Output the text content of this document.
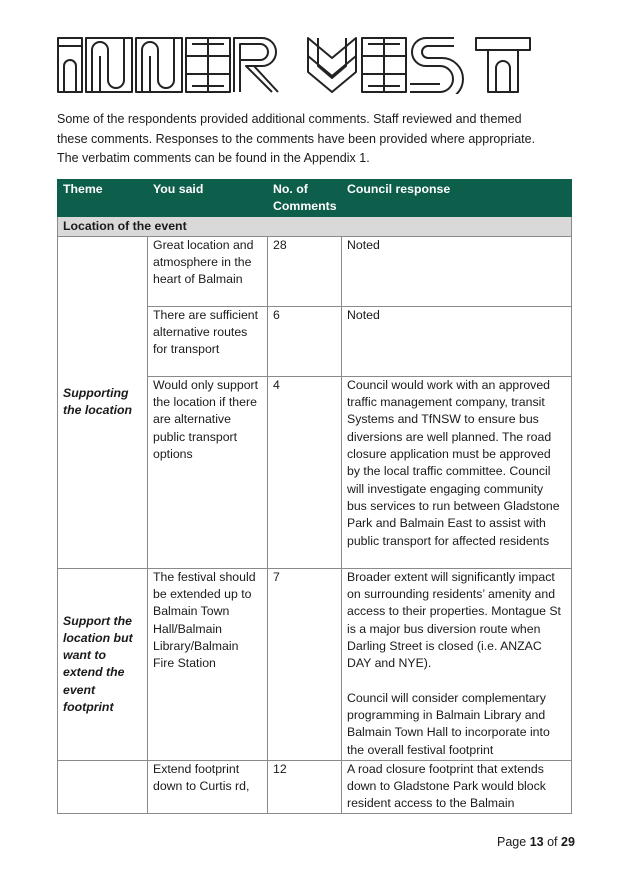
Some of the respondents provided additional comments. Staff reviewed and themed

these comments. Responses to the comments have been provided where appropriate.

The verbatim comments can be found in the Appendix 1.

Theme	You said	No. of Comments	Council response
Location of the event			
Supporting the location	Great location and atmosphere in the heart of Balmain	28	Noted
	There are sufficient alternative routes for transport	6	Noted
	Would only support the location if there are alternative public transport options	4	Council would work with an approved traffic management company, transit Systems and TfNSW to ensure bus diversions are well planned. The road closure application must be approved by the local traffic committee. Council will investigate engaging community bus services to run between Gladstone Park and Balmain East to assist with public transport for affected residents
Support the location but want to extend the event footprint	The festival should be extended up to Balmain Town Hall/Balmain Library/Balmain Fire Station	7	Broader extent will significantly impact on surrounding residents’ amenity and access to their properties. Montague St is a major bus diversion route when Darling Street is closed (i.e. ANZAC DAY and NYE).
Council will consider complementary programming in Balmain Library and Balmain Town Hall to incorporate into the overall festival footprint
	Extend footprint down to Curtis rd,	12	A road closure footprint that extends down to Gladstone Park would block resident access to the Balmain
Page 13 of 29
